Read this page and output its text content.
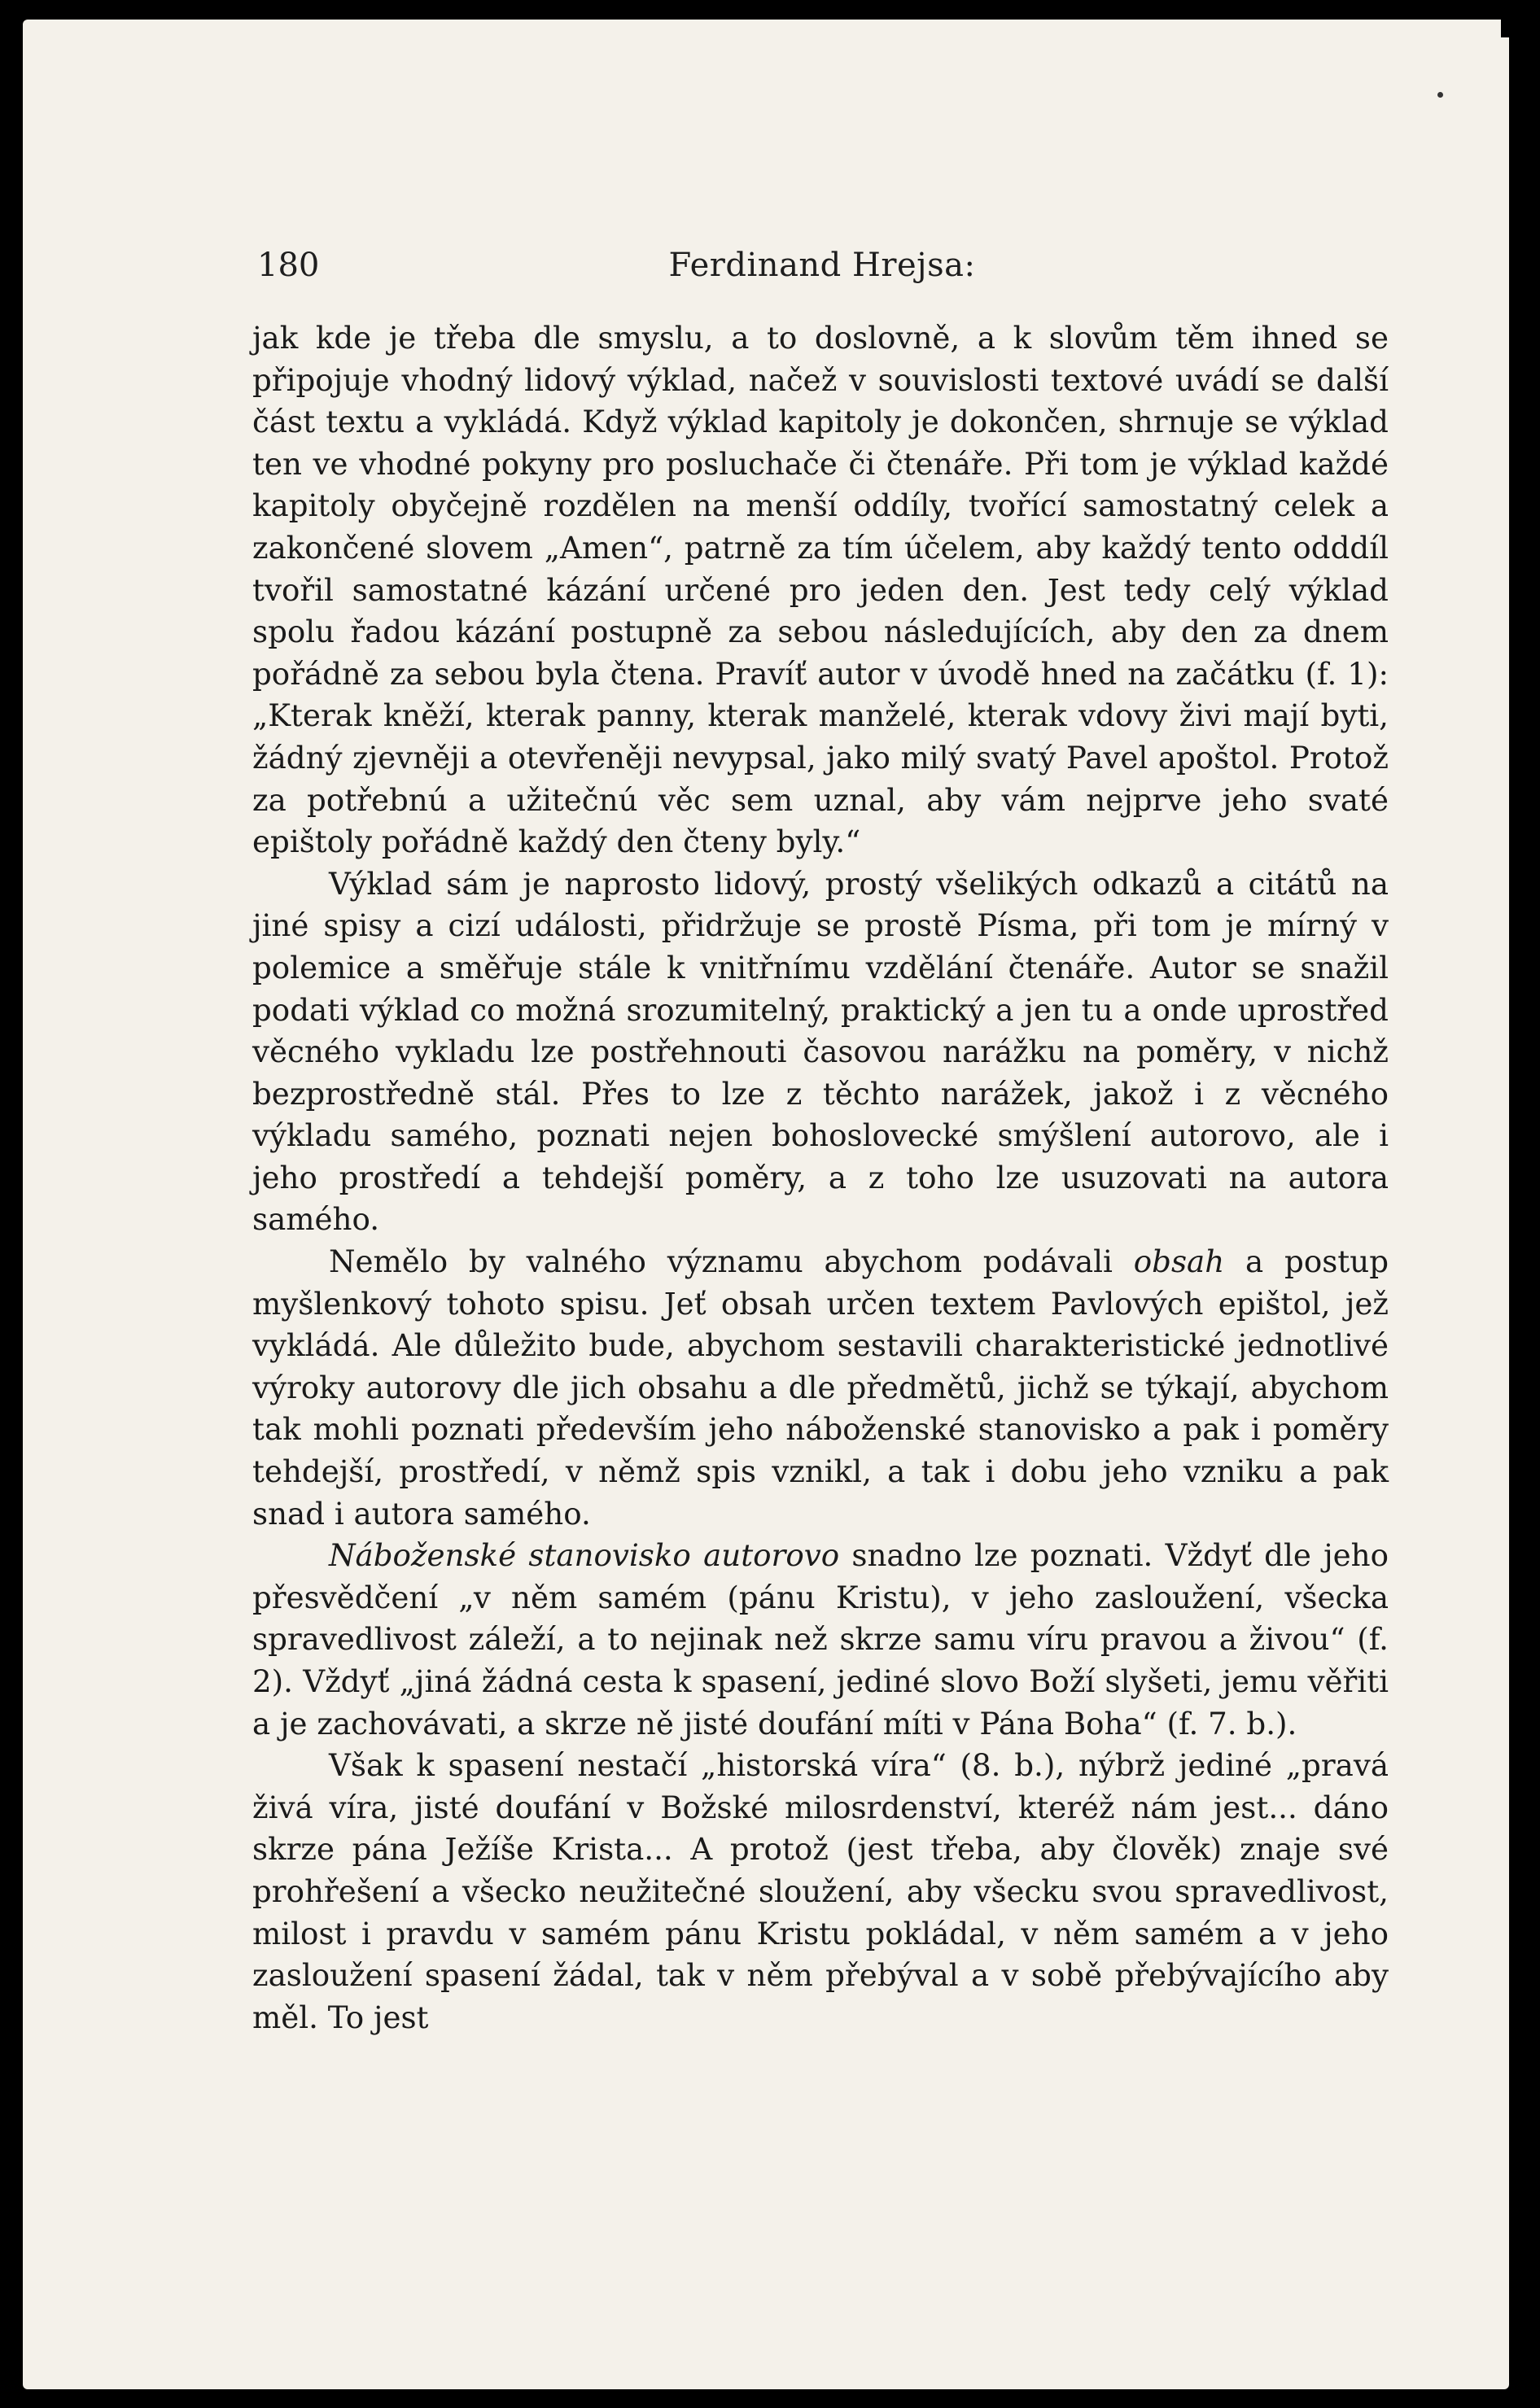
180	Ferdinand Hrejsa:

jak kde je třeba dle smyslu, a to doslovně, a k slovům těm ihned se připojuje vhodný lidový výklad, načež v souvislosti textové uvádí se další část textu a vykládá. Když výklad kapitoly je dokončen, shrnuje se výklad ten ve vhodné pokyny pro posluchače či čtenáře. Při tom je výklad každé kapitoly obyčejně rozdělen na menší oddíly, tvořící samostatný celek a zakončené slovem „Amen“, patrně za tím účelem, aby každý tento odddíl tvořil samostatné kázání určené pro jeden den. Jest tedy celý výklad spolu řadou kázání postupně za sebou následujících, aby den za dnem pořádně za sebou byla čtena. Pravíť autor v úvodě hned na začátku (f. 1): „Kterak kněží, kterak panny, kterak manželé, kterak vdovy živi mají byti, žádný zjevněji a otevřeněji nevypsal, jako milý svatý Pavel apoštol. Protož za potřebnú a užitečnú věc sem uznal, aby vám nejprve jeho svaté epištoly pořádně každý den čteny byly.“

Výklad sám je naprosto lidový, prostý všelikých odkazů a citátů na jiné spisy a cizí události, přidržuje se prostě Písma, při tom je mírný v polemice a směřuje stále k vnitřnímu vzdělání čtenáře. Autor se snažil podati výklad co možná srozumitelný, praktický a jen tu a onde uprostřed věcného vykladu lze postřehnouti časovou narážku na poměry, v nichž bezprostředně stál. Přes to lze z těchto narážek, jakož i z věcného výkladu samého, poznati nejen bohoslovecké smýšlení autorovo, ale i jeho prostředí a tehdejší poměry, a z toho lze usuzovati na autora samého.

Nemělo by valného významu abychom podávali obsah a postup myšlenkový tohoto spisu. Jeť obsah určen textem Pavlových epištol, jež vykládá. Ale důležito bude, abychom sestavili charakteristické jednotlivé výroky autorovy dle jich obsahu a dle předmětů, jichž se týkají, abychom tak mohli poznati především jeho náboženské stanovisko a pak i poměry tehdejší, prostředí, v němž spis vznikl, a tak i dobu jeho vzniku a pak snad i autora samého.

Náboženské stanovisko autorovo snadno lze poznati. Vždyť dle jeho přesvědčení „v něm samém (pánu Kristu), v jeho zasloužení, všecka spravedlivost záleží, a to nejinak než skrze samu víru pravou a živou“ (f. 2). Vždyť „jiná žádná cesta k spasení, jediné slovo Boží slyšeti, jemu věřiti a je zachovávati, a skrze ně jisté doufání míti v Pána Boha“ (f. 7. b.).

Však k spasení nestačí „historská víra“ (8. b.), nýbrž jediné „pravá živá víra, jisté doufání v Božské milosrdenství, kteréž nám jest... dáno skrze pána Ježíše Krista... A protož (jest třeba, aby člověk) znaje své prohřešení a všecko neužitečné sloužení, aby všecku svou spravedlivost, milost i pravdu v samém pánu Kristu pokládal, v něm samém a v jeho zasloužení spasení žádal, tak v něm přebýval a v sobě přebývajícího aby měl. To jest
